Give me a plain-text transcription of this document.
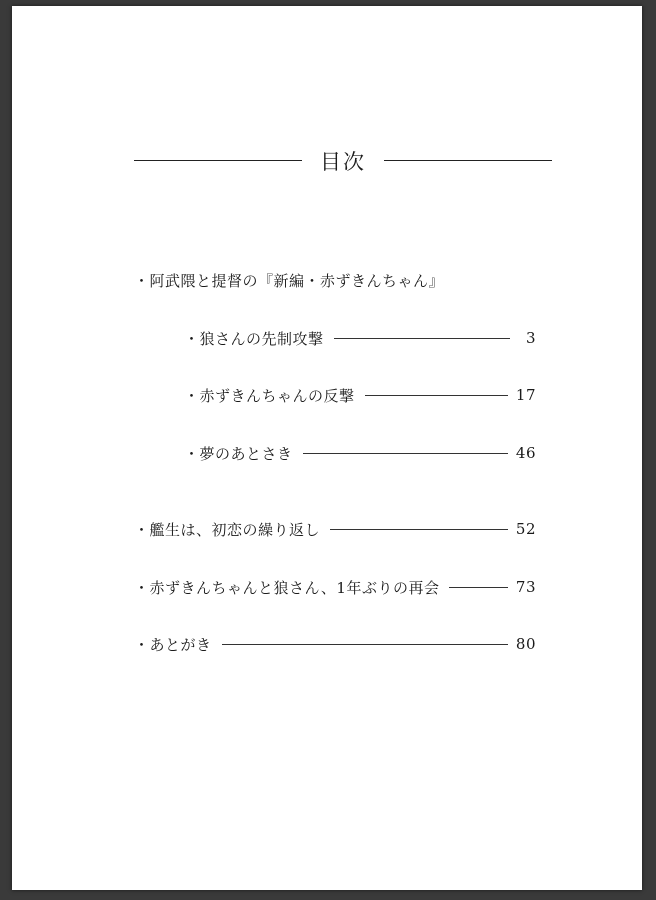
目次
・阿武隈と提督の『新編・赤ずきんちゃん』
・狼さんの先制攻撃	3
・赤ずきんちゃんの反撃	17
・夢のあとさき	46
・艦生は、初恋の繰り返し	52
・赤ずきんちゃんと狼さん、1年ぶりの再会	73
・あとがき	80
